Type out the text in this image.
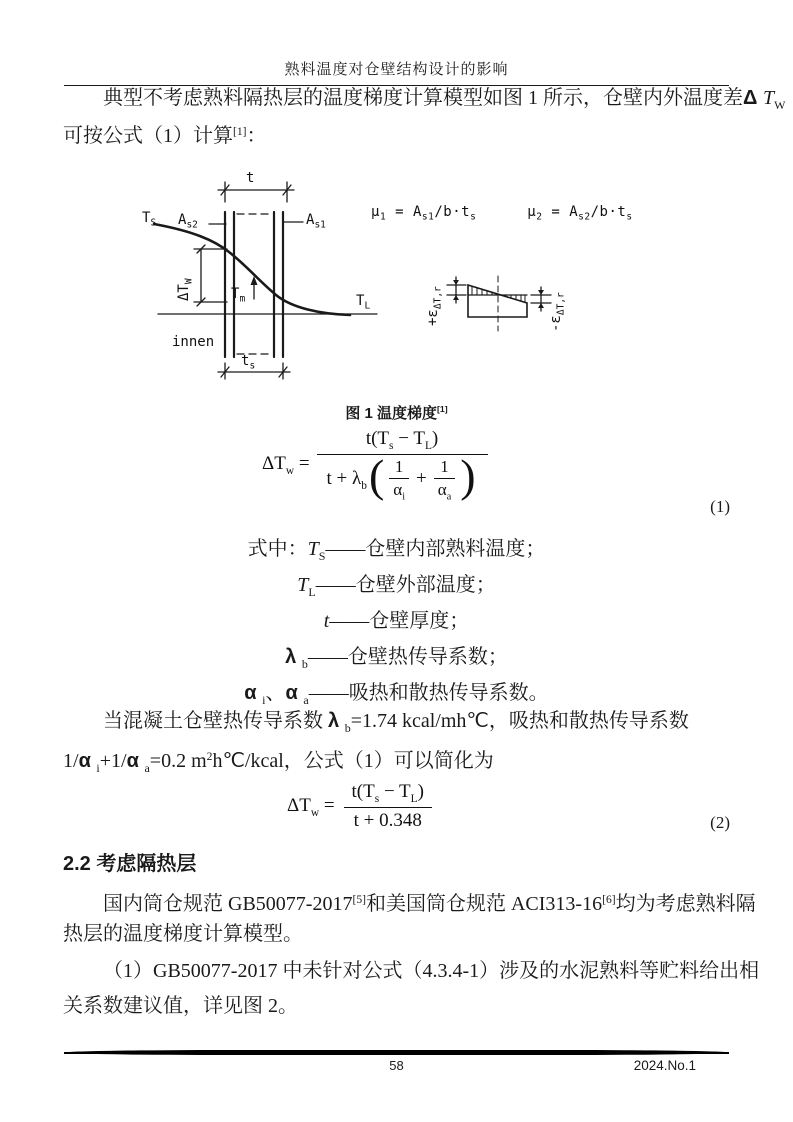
熟料温度对仓壁结构设计的影响
典型不考虑熟料隔热层的温度梯度计算模型如图 1 所示，仓壁内外温度差Δ $T_W$
可按公式（1）计算[1]：
t
$T_S$ $A_{s2}$	$A_{s1}$
$\Delta T_W$
$T_m$	$T_L$
innen
$t_s$
$\mu_1 = A_{s1}/b\cdot t_s$	$\mu_2 = A_{s2}/b\cdot t_s$
$+\varepsilon_{\Delta T,r}$
$-\varepsilon_{\Delta T,r}$
图 1 温度梯度[1]
$\Delta T_w$ =
$t(T_s - T_L)$
$t + \lambda_b$ ( $\frac{1}{\alpha_i} + \frac{1}{\alpha_a}$ )
(1)
式中：$T_S——$仓壁内部熟料温度；
$T_L——$仓壁外部温度；
t——仓壁厚度；
λ $_b$——仓壁热传导系数；
α $_i$、α $_a$——吸热和散热传导系数。
当混凝土仓壁热传导系数 λ $_b$=1.74 kcal/mh℃，吸热和散热传导系数
1/α $_i$+1/α $_a$=0.2 $m^2h℃$/kcal，公式（1）可以简化为
$\Delta T_w = \frac{t(T_s - T_L)}{t + 0.348}$	(2)
2.2 考虑隔热层
国内筒仓规范 GB50077-2017[5]和美国筒仓规范 ACI313-16[6]均为考虑熟料隔
热层的温度梯度计算模型。
（1）GB50077-2017 中未针对公式（4.3.4-1）涉及的水泥熟料等贮料给出相
关系数建议值，详见图 2。
58	2024.No.1
